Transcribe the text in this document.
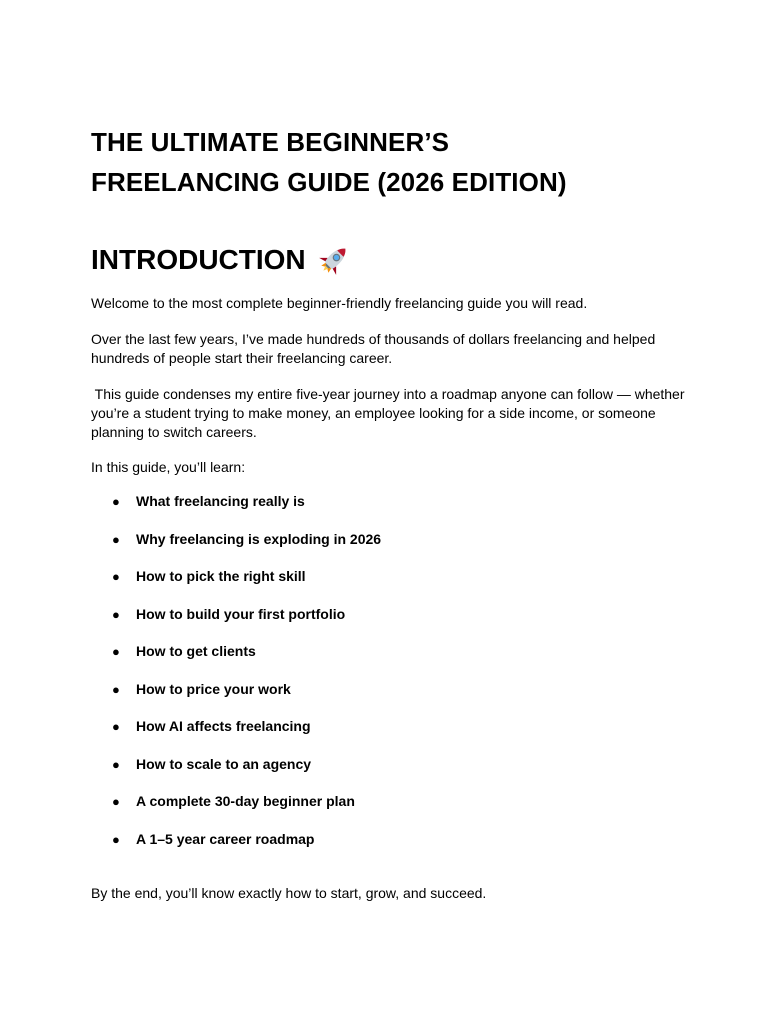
THE ULTIMATE BEGINNER’S
FREELANCING GUIDE (2026 EDITION)
INTRODUCTION

Welcome to the most complete beginner-friendly freelancing guide you will read.

Over the last few years, I’ve made hundreds of thousands of dollars freelancing and helped
hundreds of people start their freelancing career.

This guide condenses my entire five-year journey into a roadmap anyone can follow — whether
you’re a student trying to make money, an employee looking for a side income, or someone
planning to switch careers.

In this guide, you’ll learn:

● What freelancing really is
● Why freelancing is exploding in 2026
● How to pick the right skill
● How to build your first portfolio
● How to get clients
● How to price your work
● How AI affects freelancing
● How to scale to an agency
● A complete 30-day beginner plan
● A 1–5 year career roadmap

By the end, you’ll know exactly how to start, grow, and succeed.
